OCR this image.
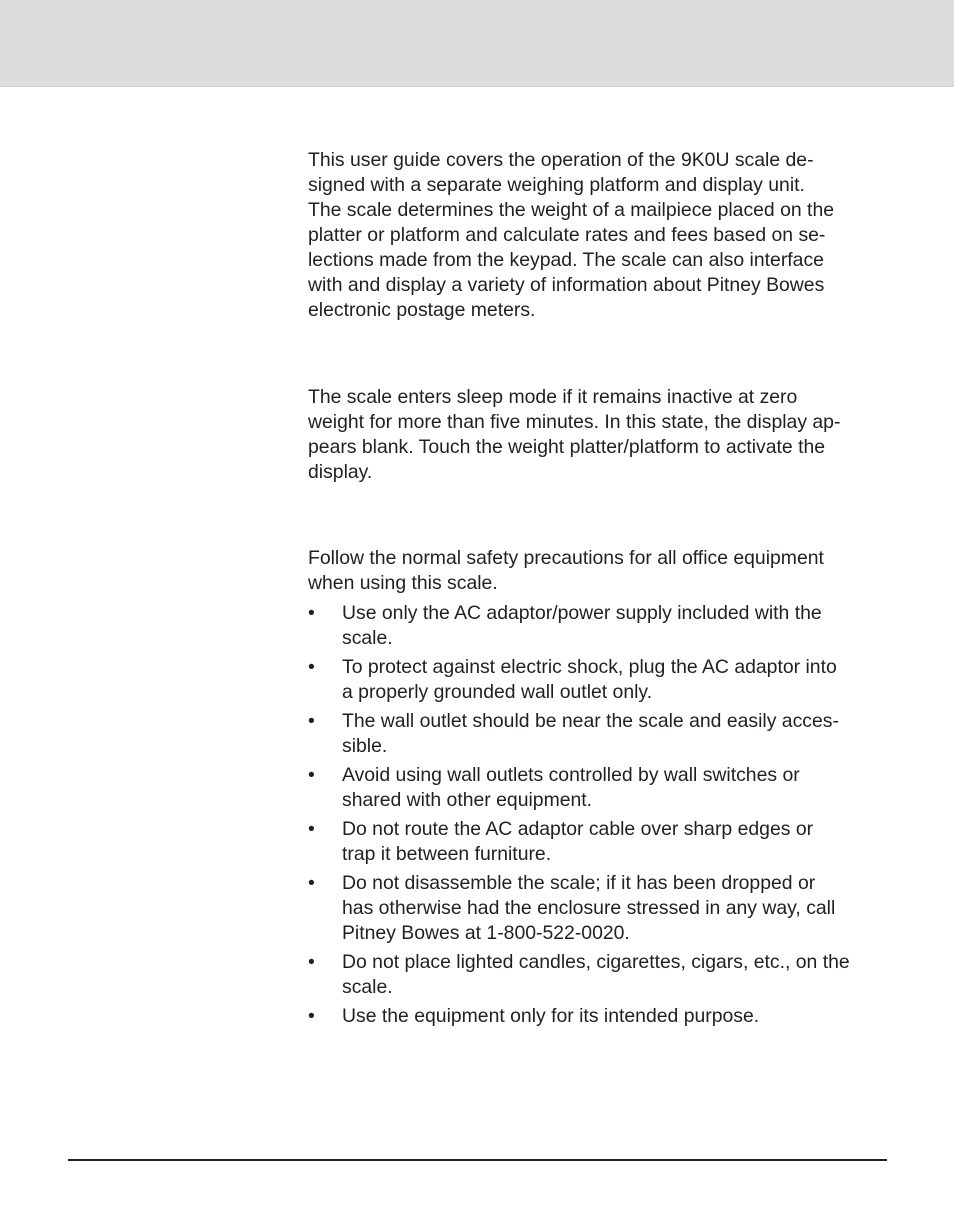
This user guide covers the operation of the 9K0U scale de-
signed with a separate weighing platform and display unit.
The scale determines the weight of a mailpiece placed on the
platter or platform and calculate rates and fees based on se-
lections made from the keypad. The scale can also interface
with and display a variety of information about Pitney Bowes
electronic postage meters.

The scale enters sleep mode if it remains inactive at zero
weight for more than five minutes. In this state, the display ap-
pears blank. Touch the weight platter/platform to activate the
display.

Follow the normal safety precautions for all office equipment
when using this scale.

• Use only the AC adaptor/power supply included with the
scale.
• To protect against electric shock, plug the AC adaptor into
a properly grounded wall outlet only.
• The wall outlet should be near the scale and easily acces-
sible.
• Avoid using wall outlets controlled by wall switches or
shared with other equipment.
• Do not route the AC adaptor cable over sharp edges or
trap it between furniture.
• Do not disassemble the scale; if it has been dropped or
has otherwise had the enclosure stressed in any way, call
Pitney Bowes at 1-800-522-0020.
• Do not place lighted candles, cigarettes, cigars, etc., on the
scale.
• Use the equipment only for its intended purpose.
